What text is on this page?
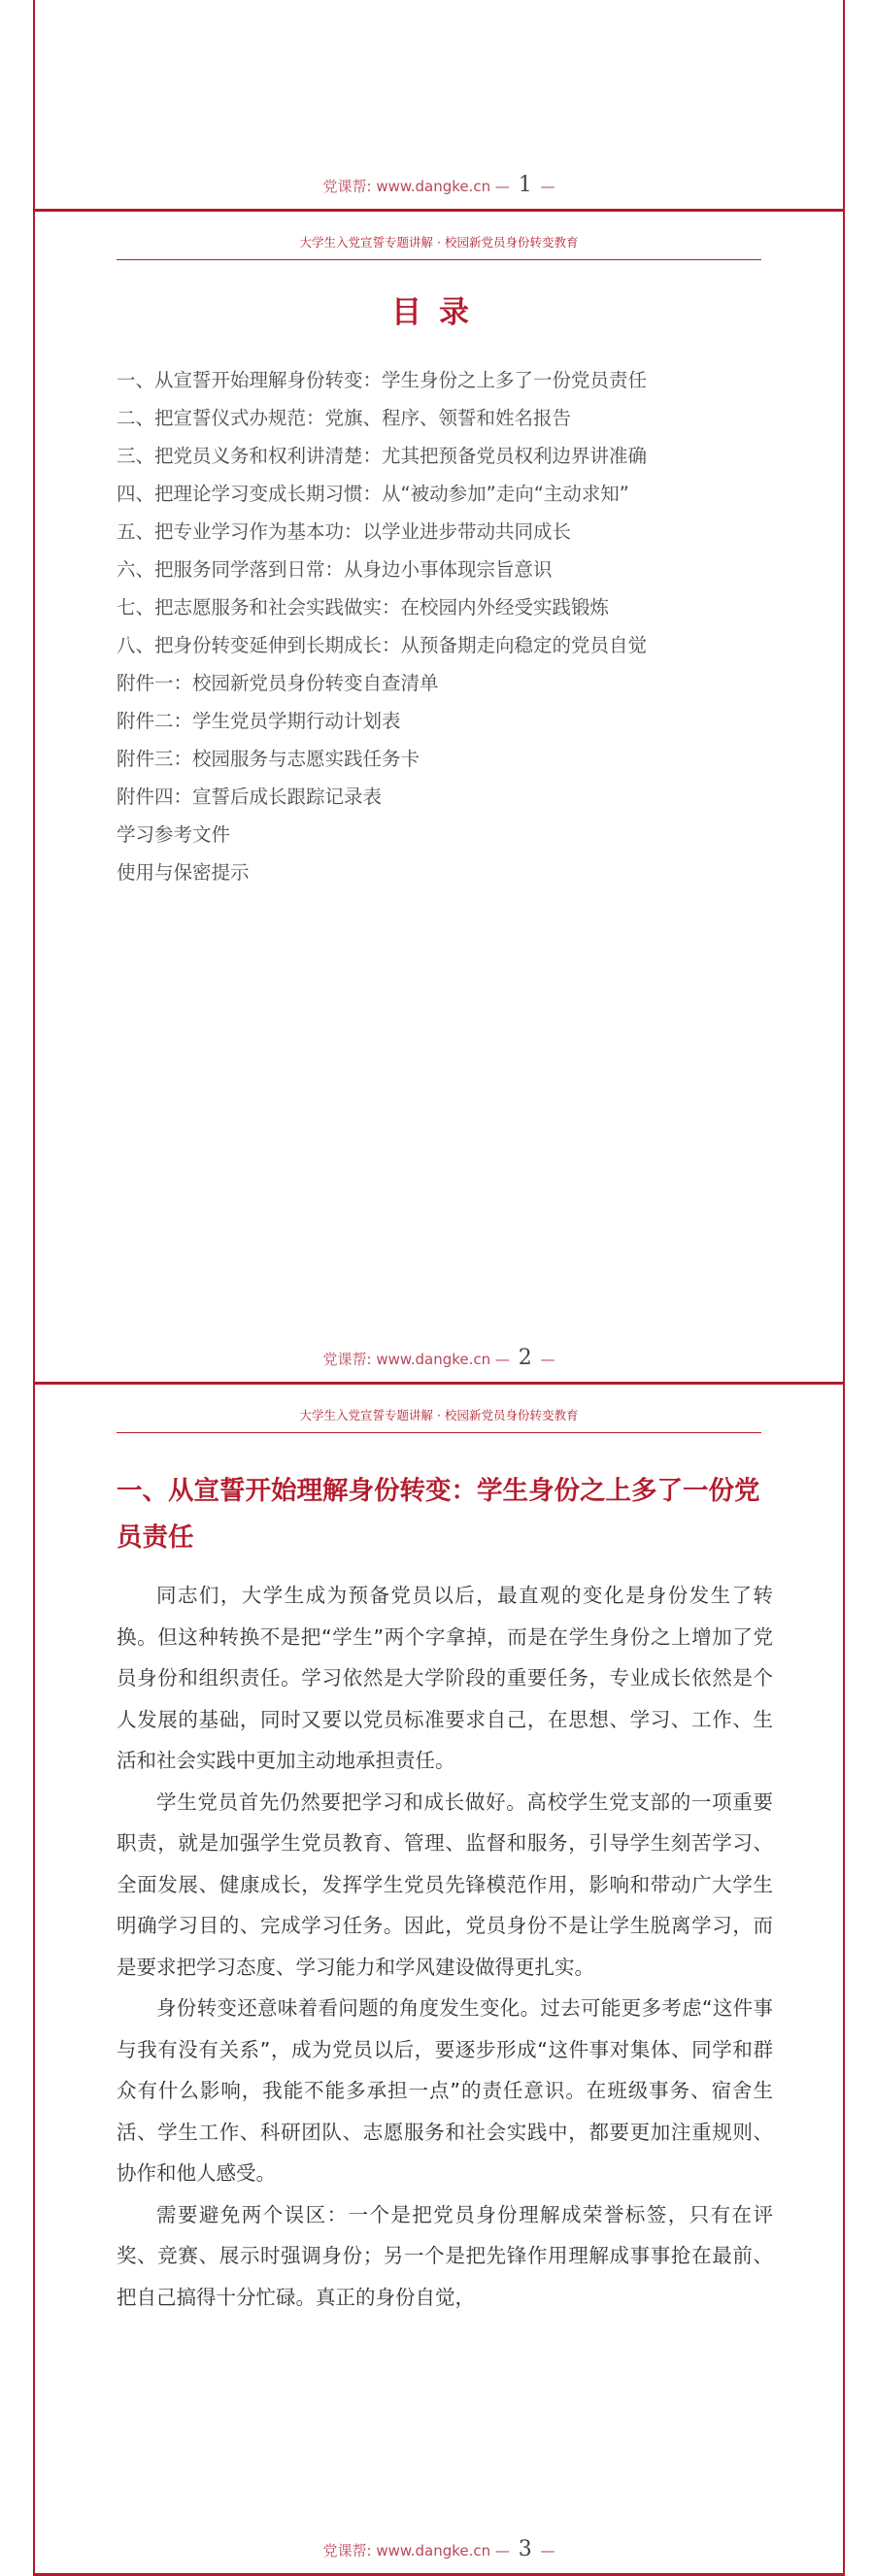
党课帮: www.dangke.cn — 1 —
大学生入党宣誓专题讲解 · 校园新党员身份转变教育
目录
一、从宣誓开始理解身份转变：学生身份之上多了一份党员责任
二、把宣誓仪式办规范：党旗、程序、领誓和姓名报告
三、把党员义务和权利讲清楚：尤其把预备党员权利边界讲准确
四、把理论学习变成长期习惯：从“被动参加”走向“主动求知”
五、把专业学习作为基本功：以学业进步带动共同成长
六、把服务同学落到日常：从身边小事体现宗旨意识
七、把志愿服务和社会实践做实：在校园内外经受实践锻炼
八、把身份转变延伸到长期成长：从预备期走向稳定的党员自觉
附件一：校园新党员身份转变自查清单
附件二：学生党员学期行动计划表
附件三：校园服务与志愿实践任务卡
附件四：宣誓后成长跟踪记录表
学习参考文件
使用与保密提示
党课帮: www.dangke.cn — 2 —
大学生入党宣誓专题讲解 · 校园新党员身份转变教育
一、从宣誓开始理解身份转变：学生身份之上多了一份党员责任

同志们，大学生成为预备党员以后，最直观的变化是身份发生了转换。但这种转换不是把“学生”两个字拿掉，而是在学生身份之上增加了党员身份和组织责任。学习依然是大学阶段的重要任务，专业成长依然是个人发展的基础，同时又要以党员标准要求自己，在思想、学习、工作、生活和社会实践中更加主动地承担责任。

学生党员首先仍然要把学习和成长做好。高校学生党支部的一项重要职责，就是加强学生党员教育、管理、监督和服务，引导学生刻苦学习、全面发展、健康成长，发挥学生党员先锋模范作用，影响和带动广大学生明确学习目的、完成学习任务。因此，党员身份不是让学生脱离学习，而是要求把学习态度、学习能力和学风建设做得更扎实。

身份转变还意味着看问题的角度发生变化。过去可能更多考虑“这件事与我有没有关系”，成为党员以后，要逐步形成“这件事对集体、同学和群众有什么影响，我能不能多承担一点”的责任意识。在班级事务、宿舍生活、学生工作、科研团队、志愿服务和社会实践中，都要更加注重规则、协作和他人感受。

需要避免两个误区：一个是把党员身份理解成荣誉标签，只有在评奖、竞赛、展示时强调身份；另一个是把先锋作用理解成事事抢在最前、把自己搞得十分忙碌。真正的身份自觉，

党课帮: www.dangke.cn — 3 —
